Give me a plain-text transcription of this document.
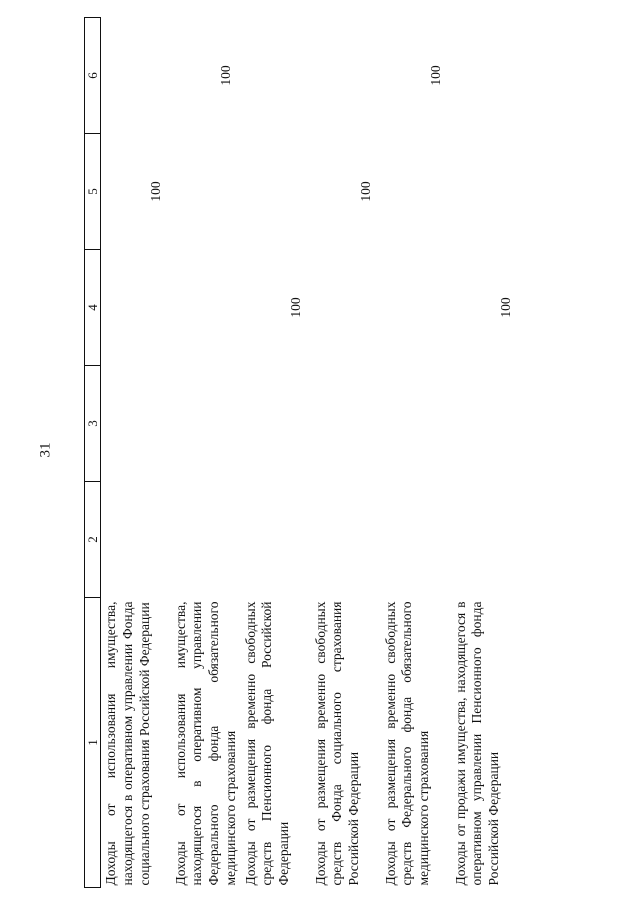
31
1	2	3	4	5	6
Доходы от использования имущества, находящегося в оперативном управлении Фонда социального страхования Российской Федерации				100	
Доходы от использования имущества, находящегося в оперативном управлении Федерального фонда обязательного медицинского страхования					100
Доходы от размещения временно свободных средств Пенсионного фонда Российской Федерации			100		
Доходы от размещения временно свободных средств Фонда социального страхования Российской Федерации				100	
Доходы от размещения временно свободных средств Федерального фонда обязательного медицинского страхования					100
Доходы от продажи имущества, находящегося в оперативном управлении Пенсионного фонда Российской Федерации			100		
